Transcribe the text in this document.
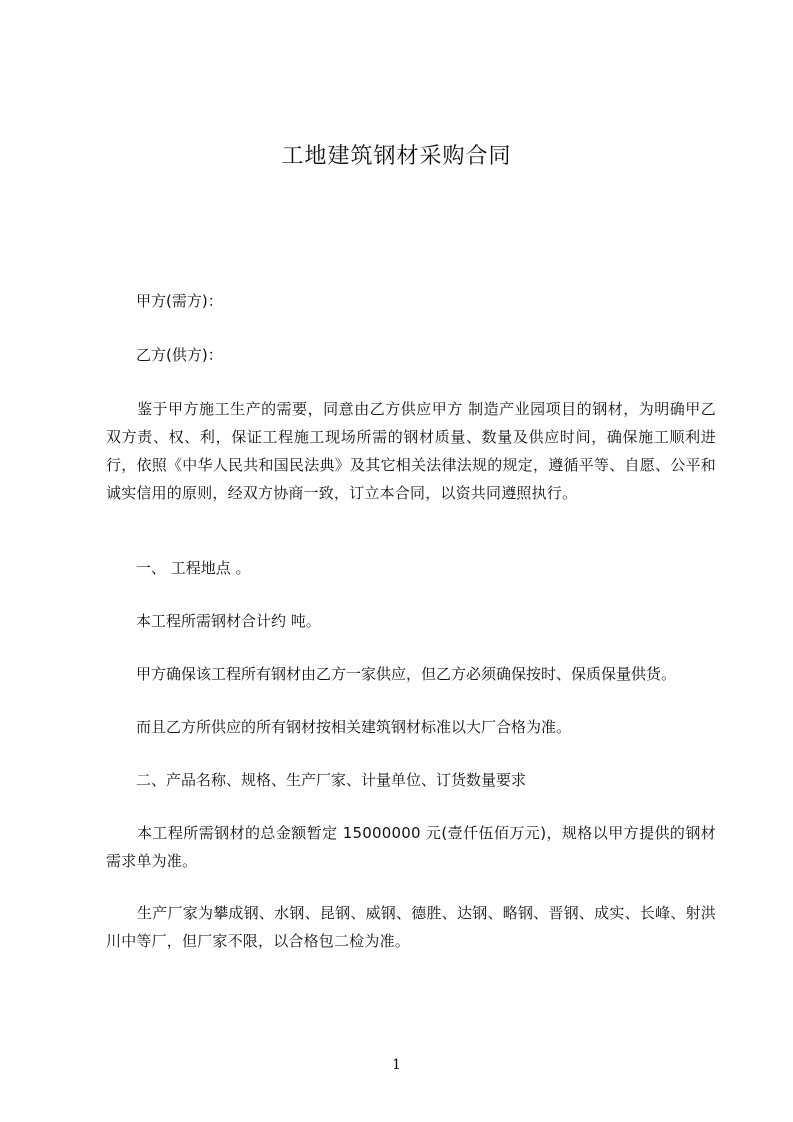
工地建筑钢材采购合同
甲方(需方)：
乙方(供方)：
鉴于甲方施工生产的需要，同意由乙方供应甲方 制造产业园项目的钢材，为明确甲乙双方责、权、利，保证工程施工现场所需的钢材质量、数量及供应时间，确保施工顺利进行，依照《中华人民共和国民法典》及其它相关法律法规的规定，遵循平等、自愿、公平和诚实信用的原则，经双方协商一致，订立本合同，以资共同遵照执行。
一、 工程地点 。
本工程所需钢材合计约 吨。
甲方确保该工程所有钢材由乙方一家供应，但乙方必须确保按时、保质保量供货。
而且乙方所供应的所有钢材按相关建筑钢材标准以大厂合格为准。
二、产品名称、规格、生产厂家、计量单位、订货数量要求
本工程所需钢材的总金额暂定 15000000 元(壹仟伍佰万元)，规格以甲方提供的钢材需求单为准。
生产厂家为攀成钢、水钢、昆钢、威钢、德胜、达钢、略钢、晋钢、成实、长峰、射洪川中等厂，但厂家不限，以合格包二检为准。
1
